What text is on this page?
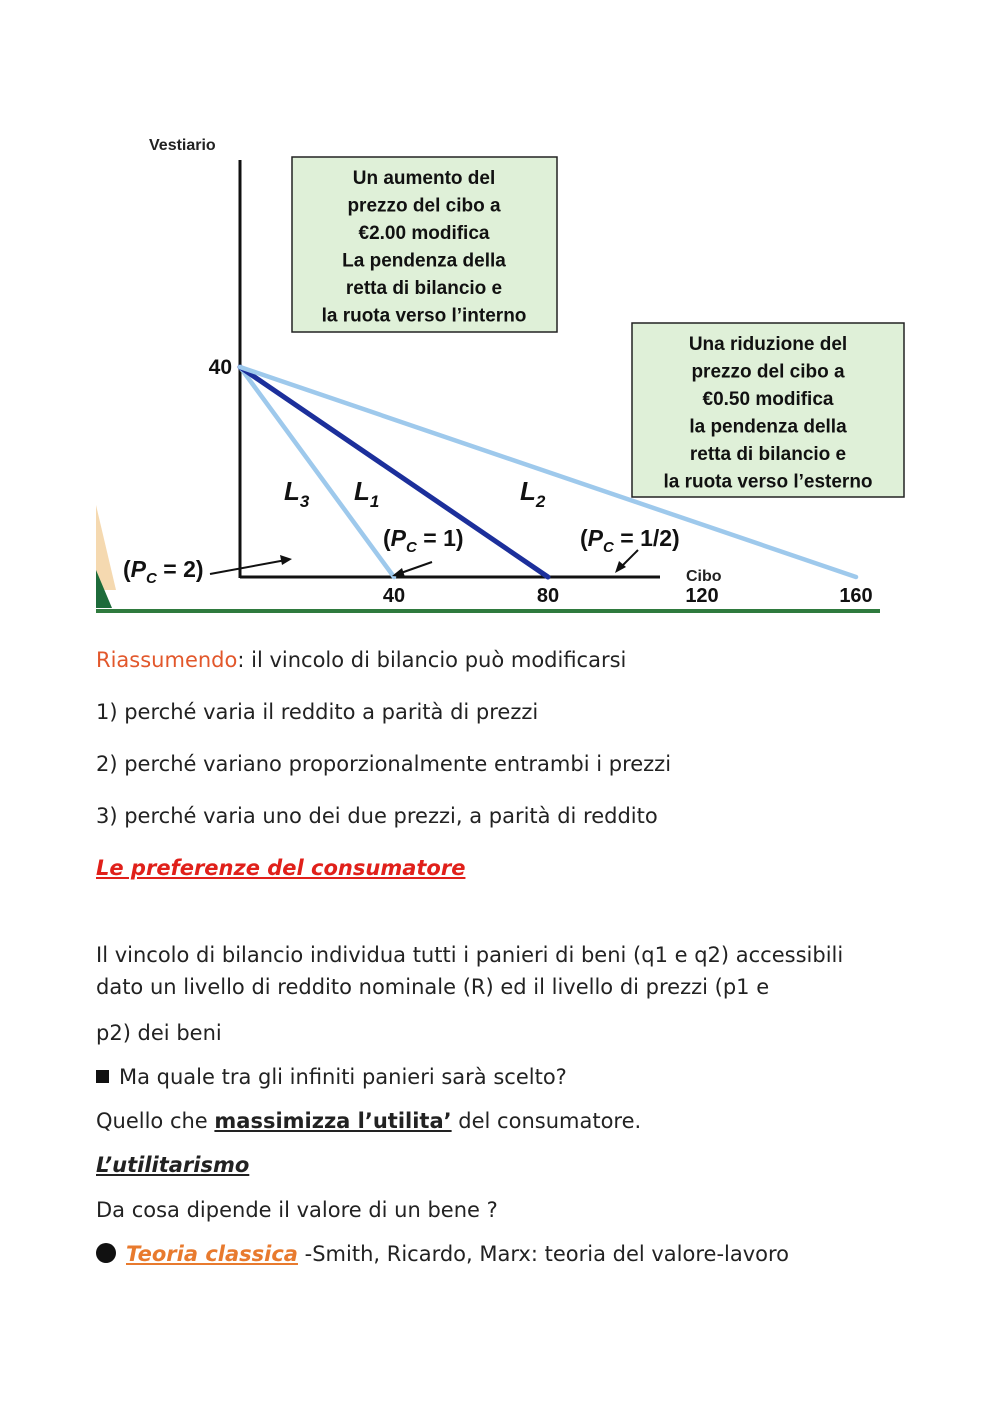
Vestiario
Cibo
40	80	120	160
40
$L_3$ $L_1$	$L_2$
$(P_C = 2)$
$(P_C = 1)$	$(P_C = 1/2)$
Un aumento del
prezzo del cibo a
€2.00 modifica
La pendenza della
retta di bilancio e
la ruota verso l’interno
Una riduzione del
prezzo del cibo a
€0.50 modifica
la pendenza della
retta di bilancio e
la ruota verso l’esterno
Riassumendo: il vincolo di bilancio può modificarsi
1) perché varia il reddito a parità di prezzi
2) perché variano proporzionalmente entrambi i prezzi
3) perché varia uno dei due prezzi, a parità di reddito
Le preferenze del consumatore
Il vincolo di bilancio individua tutti i panieri di beni (q1 e q2) accessibili
dato un livello di reddito nominale (R) ed il livello di prezzi (p1 e
p2) dei beni
Ma quale tra gli infiniti panieri sarà scelto?
Quello che massimizza l’utilita’ del consumatore.
L’utilitarismo
Da cosa dipende il valore di un bene ?
Teoria classica -Smith, Ricardo, Marx: teoria del valore-lavoro
